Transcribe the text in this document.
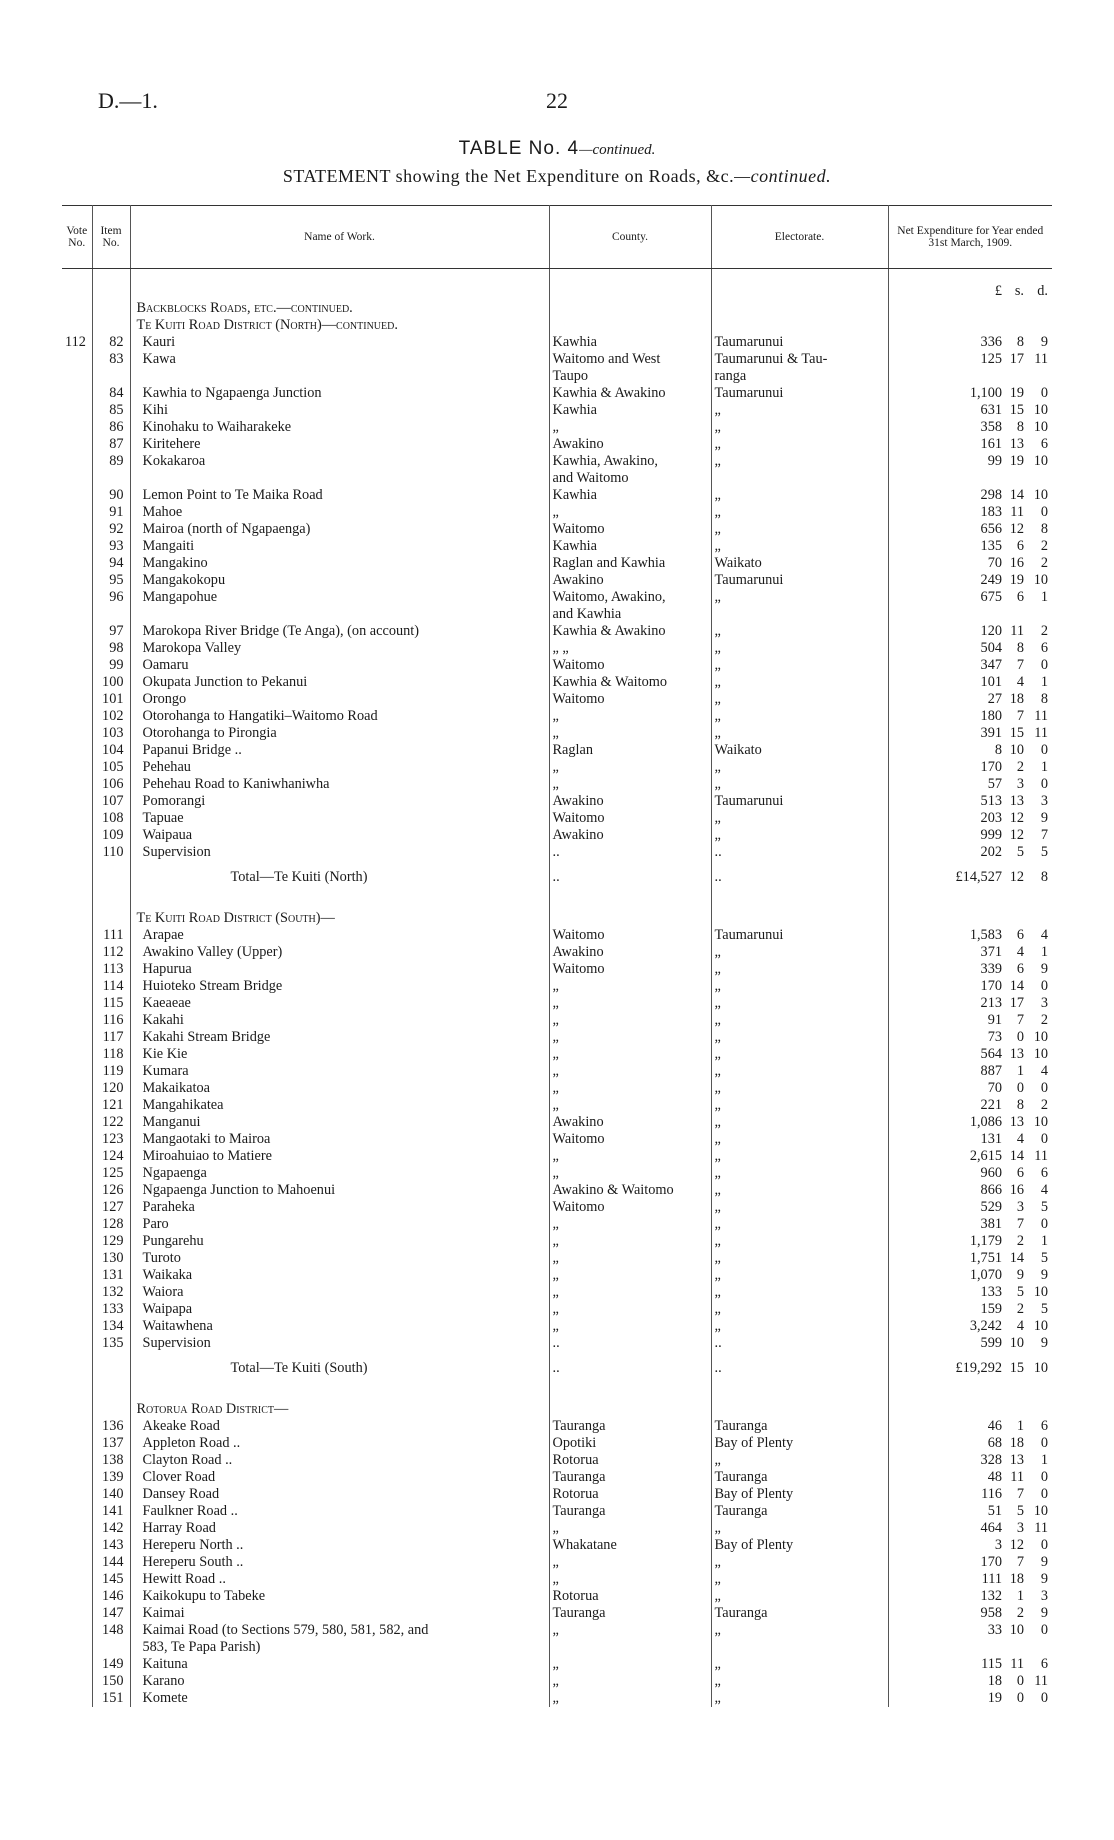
D.—1.	22
TABLE No. 4—continued.
STATEMENT showing the Net Expenditure on Roads, &c.—continued.
Vote No.	Item No.	Name of Work.	County.	Electorate.	Net Expenditure for Year ended 31st March, 1909.

					£ s. d.
		Backblocks Roads, etc.—continued.			
		Te Kuiti Road District (North)—continued.			
112	82	Kauri	Kawhia	Taumarunui	336 8 9
	83	Kawa	Waitomo and West	Taumarunui & Tau-	125 17 11
			Taupo	ranga	
	84	Kawhia to Ngapaenga Junction	Kawhia & Awakino	Taumarunui	1,100 19 0
	85	Kihi	Kawhia	„	631 15 10
	86	Kinohaku to Waiharakeke	„	„	358 8 10
	87	Kiritehere	Awakino	„	161 13 6
	89	Kokakaroa	Kawhia, Awakino,	„	99 19 10
			and Waitomo		
	90	Lemon Point to Te Maika Road	Kawhia	„	298 14 10
	91	Mahoe	„	„	183 11 0
	92	Mairoa (north of Ngapaenga)	Waitomo	„	656 12 8
	93	Mangaiti	Kawhia	„	135 6 2
	94	Mangakino	Raglan and Kawhia	Waikato	70 16 2
	95	Mangakokopu	Awakino	Taumarunui	249 19 10
	96	Mangapohue	Waitomo, Awakino,	„	675 6 1
			and Kawhia		
	97	Marokopa River Bridge (Te Anga), (on account)	Kawhia & Awakino	„	120 11 2
	98	Marokopa Valley	„ „	„	504 8 6
	99	Oamaru	Waitomo	„	347 7 0
	100	Okupata Junction to Pekanui	Kawhia & Waitomo	„	101 4 1
	101	Orongo	Waitomo	„	27 18 8
	102	Otorohanga to Hangatiki–Waitomo Road	„	„	180 7 11
	103	Otorohanga to Pirongia	„	„	391 15 11
	104	Papanui Bridge ..	Raglan	Waikato	8 10 0
	105	Pehehau	„	„	170 2 1
	106	Pehehau Road to Kaniwhaniwha	„	„	57 3 0
	107	Pomorangi	Awakino	Taumarunui	513 13 3
	108	Tapuae	Waitomo	„	203 12 9
	109	Waipaua	Awakino	„	999 12 7
	110	Supervision	..	..	202 5 5
		Total—Te Kuiti (North)	..	..	£14,527 12 8

		Te Kuiti Road District (South)—			
	111	Arapae	Waitomo	Taumarunui	1,583 6 4
	112	Awakino Valley (Upper)	Awakino	„	371 4 1
	113	Hapurua	Waitomo	„	339 6 9
	114	Huioteko Stream Bridge	„	„	170 14 0
	115	Kaeaeae	„	„	213 17 3
	116	Kakahi	„	„	91 7 2
	117	Kakahi Stream Bridge	„	„	73 0 10
	118	Kie Kie	„	„	564 13 10
	119	Kumara	„	„	887 1 4
	120	Makaikatoa	„	„	70 0 0
	121	Mangahikatea	„	„	221 8 2
	122	Manganui	Awakino	„	1,086 13 10
	123	Mangaotaki to Mairoa	Waitomo	„	131 4 0
	124	Miroahuiao to Matiere	„	„	2,615 14 11
	125	Ngapaenga	„	„	960 6 6
	126	Ngapaenga Junction to Mahoenui	Awakino & Waitomo	„	866 16 4
	127	Paraheka	Waitomo	„	529 3 5
	128	Paro	„	„	381 7 0
	129	Pungarehu	„	„	1,179 2 1
	130	Turoto	„	„	1,751 14 5
	131	Waikaka	„	„	1,070 9 9
	132	Waiora	„	„	133 5 10
	133	Waipapa	„	„	159 2 5
	134	Waitawhena	„	„	3,242 4 10
	135	Supervision	..	..	599 10 9
		Total—Te Kuiti (South)	..	..	£19,292 15 10

		Rotorua Road District—			
	136	Akeake Road	Tauranga	Tauranga	46 1 6
	137	Appleton Road ..	Opotiki	Bay of Plenty	68 18 0
	138	Clayton Road ..	Rotorua	„	328 13 1
	139	Clover Road	Tauranga	Tauranga	48 11 0
	140	Dansey Road	Rotorua	Bay of Plenty	116 7 0
	141	Faulkner Road ..	Tauranga	Tauranga	51 5 10
	142	Harray Road	„	„	464 3 11
	143	Hereperu North ..	Whakatane	Bay of Plenty	3 12 0
	144	Hereperu South ..	„	„	170 7 9
	145	Hewitt Road ..	„	„	111 18 9
	146	Kaikokupu to Tabeke	Rotorua	„	132 1 3
	147	Kaimai	Tauranga	Tauranga	958 2 9
	148	Kaimai Road (to Sections 579, 580, 581, 582, and	„	„	33 10 0
		583, Te Papa Parish)			
	149	Kaituna	„	„	115 11 6
	150	Karano	„	„	18 0 11
	151	Komete	„	„	19 0 0
